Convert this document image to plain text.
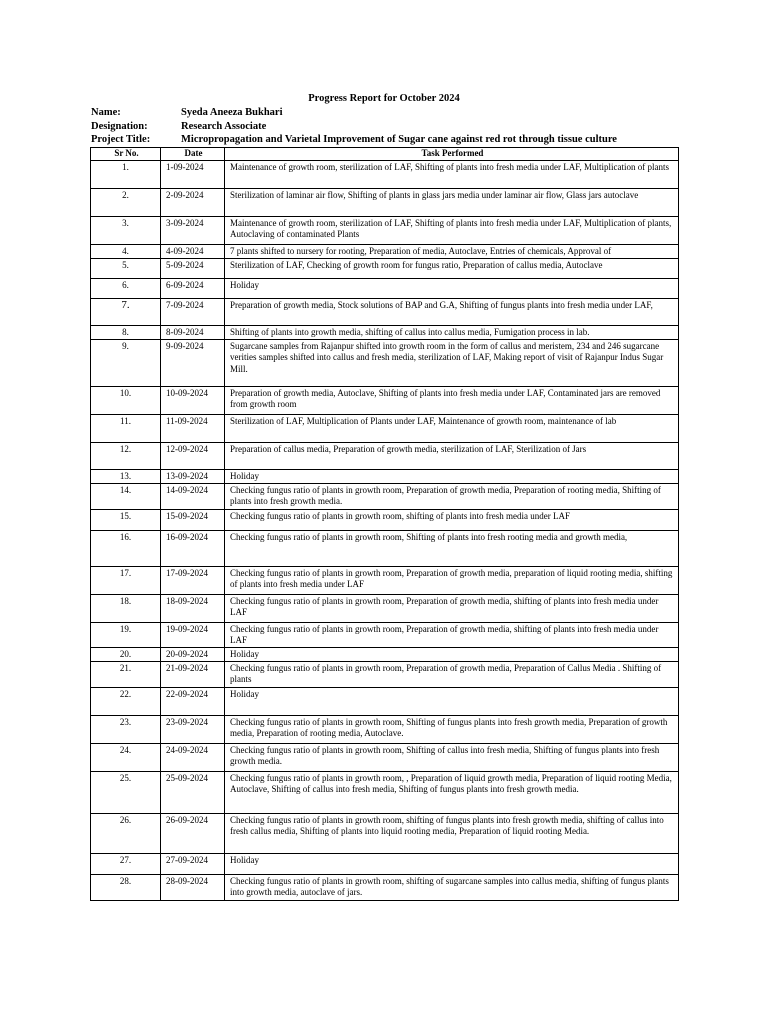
Progress Report for October 2024
Name:	Syeda Aneeza Bukhari
Designation:	Research Associate
Project Title:	Micropropagation and Varietal Improvement of Sugar cane against red rot through tissue culture
Sr No.	Date	Task Performed
1.	1-09-2024	Maintenance of growth room, sterilization of LAF, Shifting of plants into fresh media under LAF, Multiplication of plants
2.	2-09-2024	Sterilization of laminar air flow, Shifting of plants in glass jars media under laminar air flow, Glass jars autoclave
3.	3-09-2024	Maintenance of growth room, sterilization of LAF, Shifting of plants into fresh media under LAF, Multiplication of plants, Autoclaving of contaminated Plants
4.	4-09-2024	7 plants shifted to nursery for rooting, Preparation of media, Autoclave, Entries of chemicals, Approval of
5.	5-09-2024	Sterilization of LAF, Checking of growth room for fungus ratio, Preparation of callus media, Autoclave
6.	6-09-2024	Holiday
7.	7-09-2024	Preparation of growth media, Stock solutions of BAP and G.A, Shifting of fungus plants into fresh media under LAF,
8.	8-09-2024	Shifting of plants into growth media, shifting of callus into callus media, Fumigation process in lab.
9.	9-09-2024	Sugarcane samples from Rajanpur shifted into growth room in the form of callus and meristem, 234 and 246 sugarcane verities samples shifted into callus and fresh media, sterilization of LAF, Making report of visit of Rajanpur Indus Sugar Mill.
10.	10-09-2024	Preparation of growth media, Autoclave, Shifting of plants into fresh media under LAF, Contaminated jars are removed from growth room
11.	11-09-2024	Sterilization of LAF, Multiplication of Plants under LAF, Maintenance of growth room, maintenance of lab
12.	12-09-2024	Preparation of callus media, Preparation of growth media, sterilization of LAF, Sterilization of Jars
13.	13-09-2024	Holiday
14.	14-09-2024	Checking fungus ratio of plants in growth room, Preparation of growth media, Preparation of rooting media, Shifting of plants into fresh growth media.
15.	15-09-2024	Checking fungus ratio of plants in growth room, shifting of plants into fresh media under LAF
16.	16-09-2024	Checking fungus ratio of plants in growth room, Shifting of plants into fresh rooting media and growth media,
17.	17-09-2024	Checking fungus ratio of plants in growth room, Preparation of growth media, preparation of liquid rooting media, shifting of plants into fresh media under LAF
18.	18-09-2024	Checking fungus ratio of plants in growth room, Preparation of growth media, shifting of plants into fresh media under LAF
19.	19-09-2024	Checking fungus ratio of plants in growth room, Preparation of growth media, shifting of plants into fresh media under LAF
20.	20-09-2024	Holiday
21.	21-09-2024	Checking fungus ratio of plants in growth room, Preparation of growth media, Preparation of Callus Media . Shifting of plants
22.	22-09-2024	Holiday
23.	23-09-2024	Checking fungus ratio of plants in growth room, Shifting of fungus plants into fresh growth media, Preparation of growth media, Preparation of rooting media, Autoclave.
24.	24-09-2024	Checking fungus ratio of plants in growth room, Shifting of callus into fresh media, Shifting of fungus plants into fresh growth media.
25.	25-09-2024	Checking fungus ratio of plants in growth room, , Preparation of liquid growth media, Preparation of liquid rooting Media, Autoclave, Shifting of callus into fresh media, Shifting of fungus plants into fresh growth media.
26.	26-09-2024	Checking fungus ratio of plants in growth room, shifting of fungus plants into fresh growth media, shifting of callus into fresh callus media, Shifting of plants into liquid rooting media, Preparation of liquid rooting Media.
27.	27-09-2024	Holiday
28.	28-09-2024	Checking fungus ratio of plants in growth room, shifting of sugarcane samples into callus media, shifting of fungus plants into growth media, autoclave of jars.
